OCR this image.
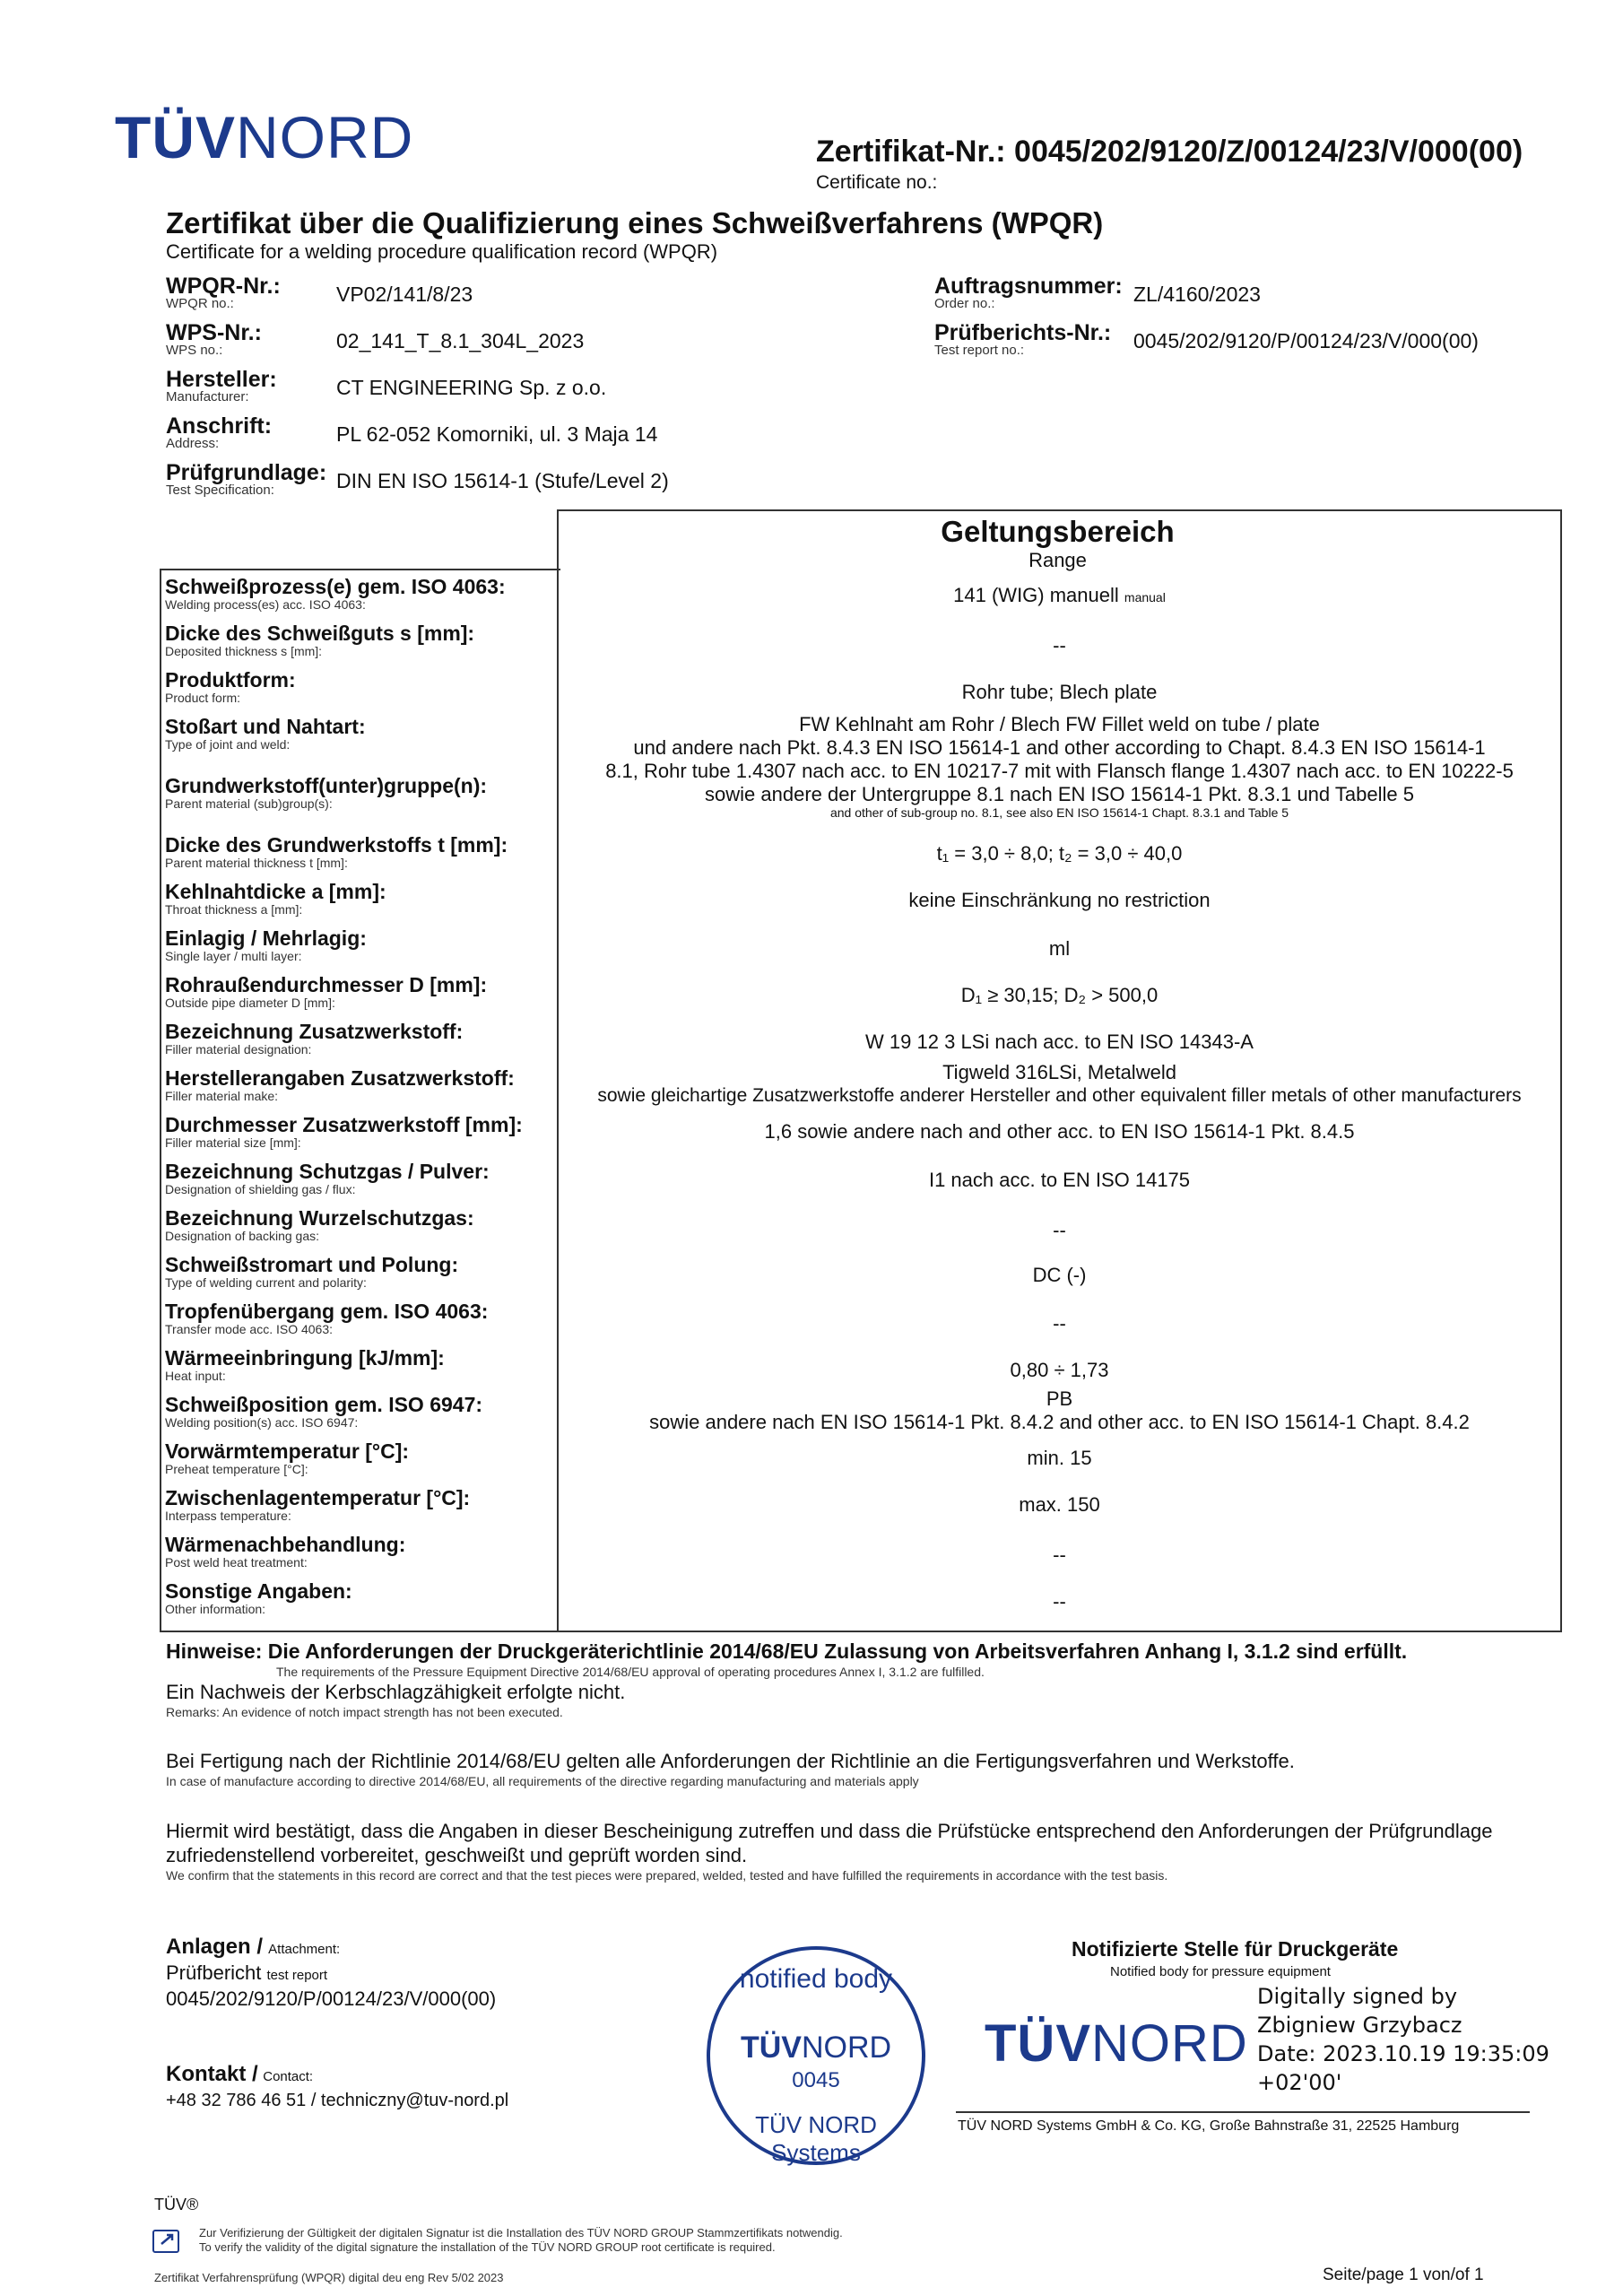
TÜVNORD	Zertifikat-Nr.: 0045/202/9120/Z/00124/23/V/000(00)
Certificate no.:
Zertifikat über die Qualifizierung eines Schweißverfahrens (WPQR)
Certificate for a welding procedure qualification record (WPQR)
WPQR-Nr.:
WPQR no.:	VP02/141/8/23
WPS-Nr.:
WPS no.:	02_141_T_8.1_304L_2023
Hersteller:
Manufacturer:	CT ENGINEERING Sp. z o.o.
Anschrift:
Address:	PL 62-052 Komorniki, ul. 3 Maja 14
Prüfgrundlage:
Test Specification:	DIN EN ISO 15614-1 (Stufe/Level 2)
Auftragsnummer:
Order no.:	ZL/4160/2023
Prüfberichts-Nr.:
Test report no.:	0045/202/9120/P/00124/23/V/000(00)
Geltungsbereich
Range
Schweißprozess(e) gem. ISO 4063:
Welding process(es) acc. ISO 4063:	141 (WIG) manuell manual
Dicke des Schweißguts s [mm]:
Deposited thickness s [mm]:	--
Produktform:
Product form:	Rohr tube; Blech plate
Stoßart und Nahtart:
Type of joint and weld:
FW Kehlnaht am Rohr / Blech FW Fillet weld on tube / plate
und andere nach Pkt. 8.4.3 EN ISO 15614-1 and other according to Chapt. 8.4.3 EN ISO 15614-1
Grundwerkstoff(unter)gruppe(n):
Parent material (sub)group(s):
8.1, Rohr tube 1.4307 nach acc. to EN 10217-7 mit with Flansch flange 1.4307 nach acc. to EN 10222-5
sowie andere der Untergruppe 8.1 nach EN ISO 15614-1 Pkt. 8.3.1 und Tabelle 5
and other of sub-group no. 8.1, see also EN ISO 15614-1 Chapt. 8.3.1 and Table 5
Dicke des Grundwerkstoffs t [mm]:
Parent material thickness t [mm]:	t₁ = 3,0 ÷ 8,0; t₂ = 3,0 ÷ 40,0
Kehlnahtdicke a [mm]:
Throat thickness a [mm]:	keine Einschränkung no restriction
Einlagig / Mehrlagig:
Single layer / multi layer:	ml
Rohraußendurchmesser D [mm]:
Outside pipe diameter D [mm]:	D₁ ≥ 30,15; D₂ > 500,0
Bezeichnung Zusatzwerkstoff:
Filler material designation:	W 19 12 3 LSi nach acc. to EN ISO 14343-A
Herstellerangaben Zusatzwerkstoff:
Filler material make:
Tigweld 316LSi, Metalweld
sowie gleichartige Zusatzwerkstoffe anderer Hersteller and other equivalent filler metals of other manufacturers
Durchmesser Zusatzwerkstoff [mm]:
Filler material size [mm]:	1,6 sowie andere nach and other acc. to EN ISO 15614-1 Pkt. 8.4.5
Bezeichnung Schutzgas / Pulver:
Designation of shielding gas / flux:	I1 nach acc. to EN ISO 14175
Bezeichnung Wurzelschutzgas:
Designation of backing gas:	--
Schweißstromart und Polung:
Type of welding current and polarity:	DC (-)
Tropfenübergang gem. ISO 4063:
Transfer mode acc. ISO 4063:	--
Wärmeeinbringung [kJ/mm]:
Heat input:	0,80 ÷ 1,73
Schweißposition gem. ISO 6947:
Welding position(s) acc. ISO 6947:
PB
sowie andere nach EN ISO 15614-1 Pkt. 8.4.2 and other acc. to EN ISO 15614-1 Chapt. 8.4.2
Vorwärmtemperatur [°C]:
Preheat temperature [°C]:	min. 15
Zwischenlagentemperatur [°C]:
Interpass temperature:	max. 150
Wärmenachbehandlung:
Post weld heat treatment:	--
Sonstige Angaben:
Other information:	--
Hinweise: Die Anforderungen der Druckgeräterichtlinie 2014/68/EU Zulassung von Arbeitsverfahren Anhang I, 3.1.2 sind erfüllt.
The requirements of the Pressure Equipment Directive 2014/68/EU approval of operating procedures Annex I, 3.1.2 are fulfilled.
Ein Nachweis der Kerbschlagzähigkeit erfolgte nicht.
Remarks: An evidence of notch impact strength has not been executed.
Bei Fertigung nach der Richtlinie 2014/68/EU gelten alle Anforderungen der Richtlinie an die Fertigungsverfahren und Werkstoffe.
In case of manufacture according to directive 2014/68/EU, all requirements of the directive regarding manufacturing and materials apply
Hiermit wird bestätigt, dass die Angaben in dieser Bescheinigung zutreffen und dass die Prüfstücke entsprechend den Anforderungen der Prüfgrundlage zufriedenstellend vorbereitet, geschweißt und geprüft worden sind.
We confirm that the statements in this record are correct and that the test pieces were prepared, welded, tested and have fulfilled the requirements in accordance with the test basis.
Anlagen / Attachment:
Prüfbericht test report
0045/202/9120/P/00124/23/V/000(00)
Kontakt / Contact:
+48 32 786 46 51 / techniczny@tuv-nord.pl
notified body
TÜVNORD
0045
TÜV NORD Systems
Notifizierte Stelle für Druckgeräte
Notified body for pressure equipment
TÜVNORD
Digitally signed by
Zbigniew Grzybacz
Date: 2023.10.19 19:35:09
+02'00'
TÜV NORD Systems GmbH & Co. KG, Große Bahnstraße 31, 22525 Hamburg
TÜV®
Zur Verifizierung der Gültigkeit der digitalen Signatur ist die Installation des TÜV NORD GROUP Stammzertifikats notwendig.
To verify the validity of the digital signature the installation of the TÜV NORD GROUP root certificate is required.
Zertifikat Verfahrensprüfung (WPQR) digital deu eng Rev 5/02 2023	Seite/page 1 von/of 1
